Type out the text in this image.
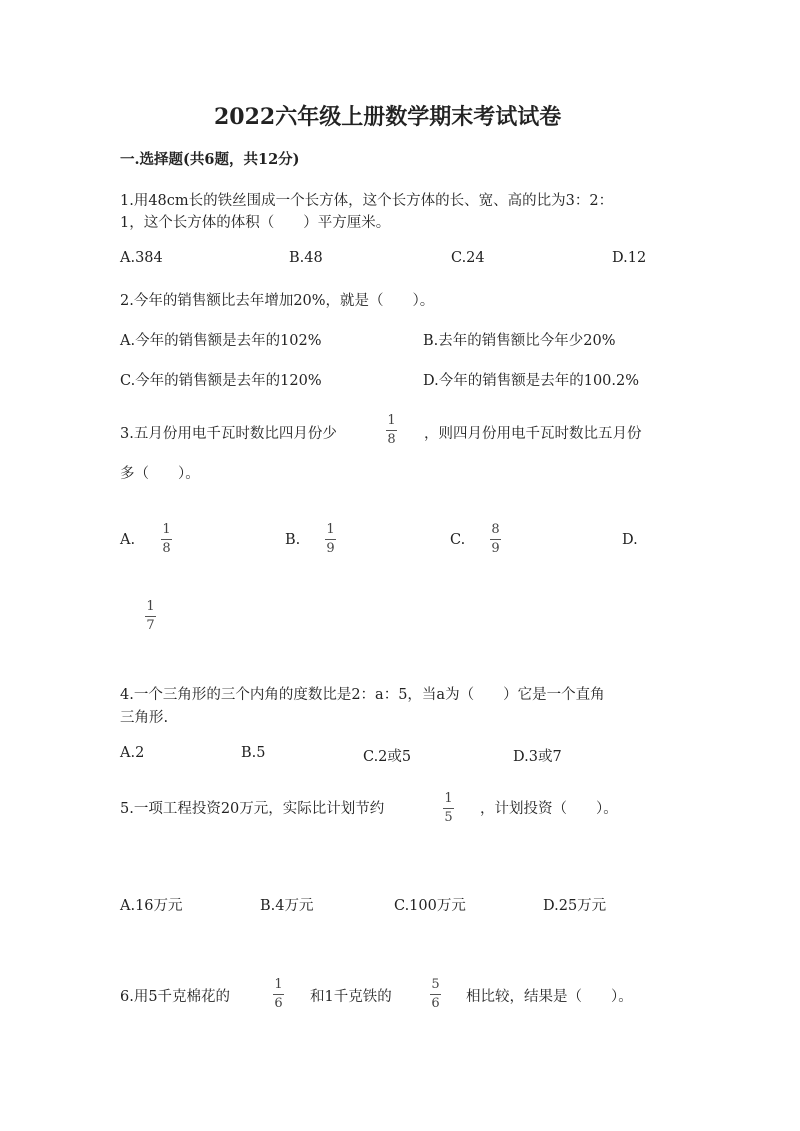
2022六年级上册数学期末考试试卷
一.选择题(共6题，共12分)
1.用48cm长的铁丝围成一个长方体，这个长方体的长、宽、高的比为3：2：
1，这个长方体的体积（　　）平方厘米。
A.384	B.48	C.24	D.12
2.今年的销售额比去年增加20%，就是（　　）。
A.今年的销售额是去年的102%	B.去年的销售额比今年少20%
C.今年的销售额是去年的120%	D.今年的销售额是去年的100.2%
3.五月份用电千瓦时数比四月份少
1
8 ，则四月份用电千瓦时数比五月份
多（　　）。
A.
1
8
B.
1
9
C.
8
9
D.
1
7
4.一个三角形的三个内角的度数比是2：a：5，当a为（　　）它是一个直角
三角形.
A.2	B.5	C.2或5	D.3或7
5.一项工程投资20万元，实际比计划节约
1
5
，计划投资（　　）。
A.16万元	B.4万元	C.100万元	D.25万元
6.用5千克棉花的
1
6 和1千克铁的
5
6 相比较，结果是（　　）。
